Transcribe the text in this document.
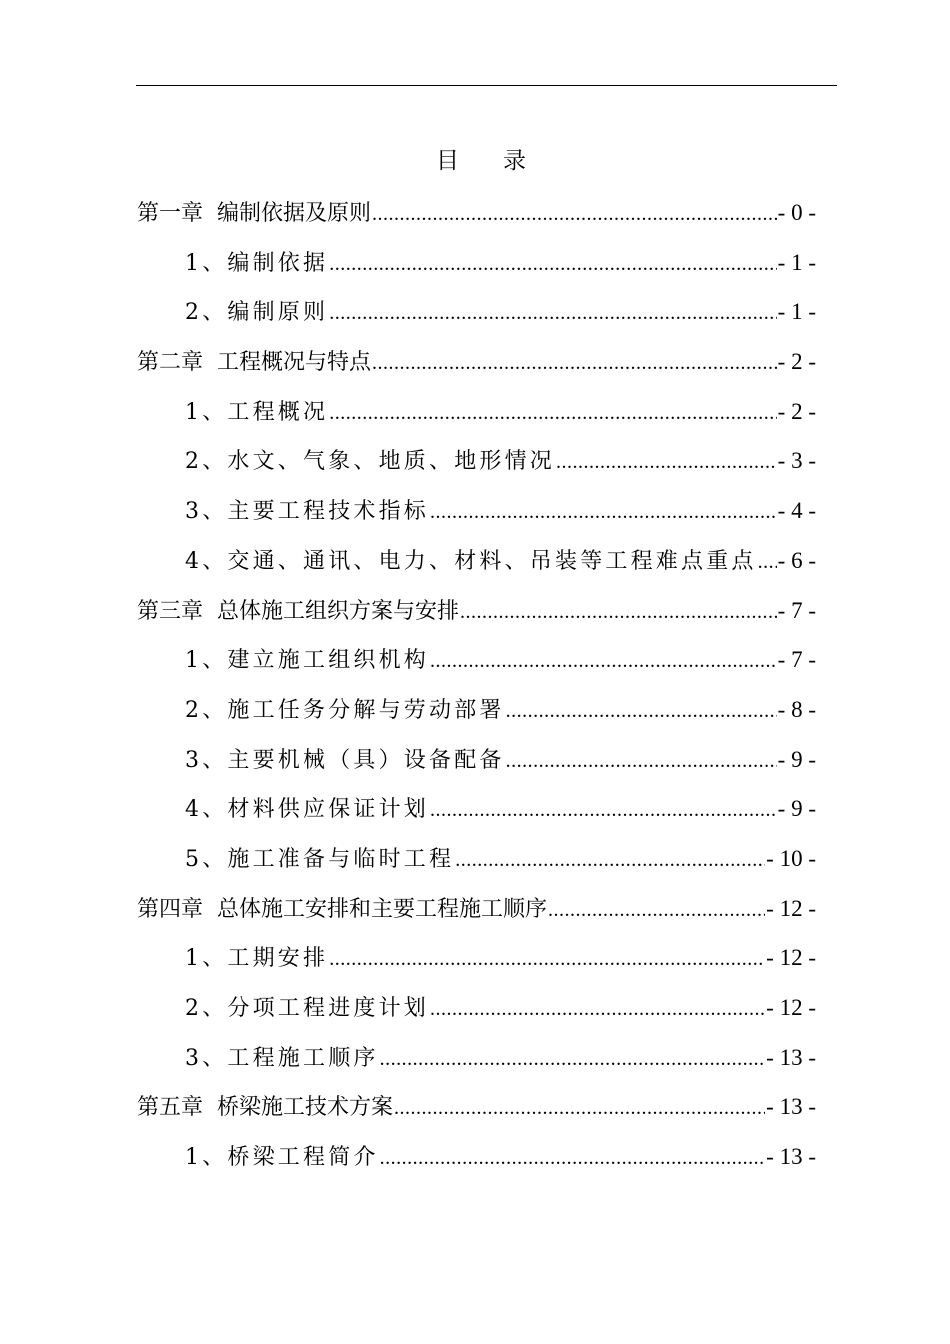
目 录
第一章 编制依据及原则 .....	- 0 -
1、编制依据 .....	- 1 -
2、编制原则 .....	- 1 -
第二章 工程概况与特点 .....	- 2 -
1、工程概况 .....	- 2 -
2、水文、气象、地质、地形情况 .....	- 3 -
3、主要工程技术指标 .....	- 4 -
4、交通、通讯、电力、材料、吊装等工程难点重点 ..... - 6 -
第三章 总体施工组织方案与安排 .....	- 7 -
1、建立施工组织机构 .....	- 7 -
2、施工任务分解与劳动部署 .....	- 8 -
3、主要机械（具）设备配备 .....	- 9 -
4、材料供应保证计划 .....	- 9 -
5、施工准备与临时工程 .....	- 10 -
第四章 总体施工安排和主要工程施工顺序 .....	- 12 -
1、工期安排 .....	- 12 -
2、分项工程进度计划 .....	- 12 -
3、工程施工顺序 .....	- 13 -
第五章 桥梁施工技术方案 .....	- 13 -
1、桥梁工程简介 .....	- 13 -
